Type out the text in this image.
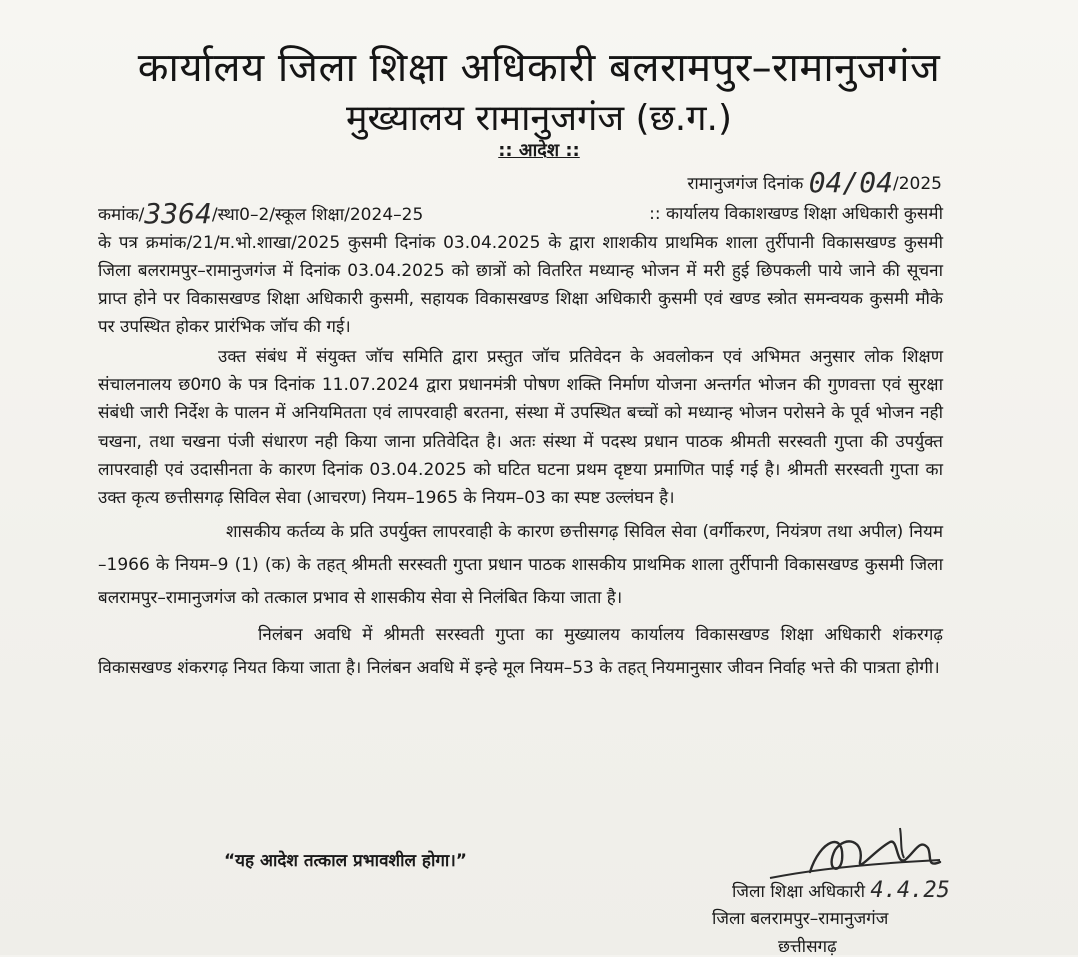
कार्यालय जिला शिक्षा अधिकारी बलरामपुर–रामानुजगंज
मुख्यालय रामानुजगंज (छ.ग.)
:: आदेश ::
रामानुजगंज दिनांक 04/04/2025

कमांक/3364/स्था0–2/स्कूल शिक्षा/2024–25	:: कार्यालय विकाशखण्ड शिक्षा अधिकारी कुसमी
के पत्र क्रमांक/21/म.भो.शाखा/2025 कुसमी दिनांक 03.04.2025 के द्वारा शाशकीय प्राथमिक शाला तुर्रीपानी विकासखण्ड कुसमी जिला बलरामपुर–रामानुजगंज में दिनांक 03.04.2025 को छात्रों को वितरित मध्यान्ह भोजन में मरी हुई छिपकली पाये जाने की सूचना प्राप्त होने पर विकासखण्ड शिक्षा अधिकारी कुसमी, सहायक विकासखण्ड शिक्षा अधिकारी कुसमी एवं खण्ड स्त्रोत समन्वयक कुसमी मौके पर उपस्थित होकर प्रारंभिक जॉच की गई।

उक्त संबंध में संयुक्त जॉच समिति द्वारा प्रस्तुत जॉच प्रतिवेदन के अवलोकन एवं अभिमत अनुसार लोक शिक्षण संचालनालय छ0ग0 के पत्र दिनांक 11.07.2024 द्वारा प्रधानमंत्री पोषण शक्ति निर्माण योजना अन्तर्गत भोजन की गुणवत्ता एवं सुरक्षा संबंधी जारी निर्देश के पालन में अनियमितता एवं लापरवाही बरतना, संस्था में उपस्थित बच्चों को मध्यान्ह भोजन परोसने के पूर्व भोजन नही चखना, तथा चखना पंजी संधारण नही किया जाना प्रतिवेदित है। अतः संस्था में पदस्थ प्रधान पाठक श्रीमती सरस्वती गुप्ता की उपर्युक्त लापरवाही एवं उदासीनता के कारण दिनांक 03.04.2025 को घटित घटना प्रथम दृष्टया प्रमाणित पाई गई है। श्रीमती सरस्वती गुप्ता का उक्त कृत्य छत्तीसगढ़ सिविल सेवा (आचरण) नियम–1965 के नियम–03 का स्पष्ट उल्लंघन है।

शासकीय कर्तव्य के प्रति उपर्युक्त लापरवाही के कारण छत्तीसगढ़ सिविल सेवा (वर्गीकरण, नियंत्रण तथा अपील) नियम –1966 के नियम–9 (1) (क) के तहत् श्रीमती सरस्वती गुप्ता प्रधान पाठक शासकीय प्राथमिक शाला तुर्रीपानी विकासखण्ड कुसमी जिला बलरामपुर–रामानुजगंज को तत्काल प्रभाव से शासकीय सेवा से निलंबित किया जाता है।

निलंबन अवधि में श्रीमती सरस्वती गुप्ता का मुख्यालय कार्यालय विकासखण्ड शिक्षा अधिकारी शंकरगढ़ विकासखण्ड शंकरगढ़ नियत किया जाता है। निलंबन अवधि में इन्हे मूल नियम–53 के तहत् नियमानुसार जीवन निर्वाह भत्ते की पात्रता होगी।

“यह आदेश तत्काल प्रभावशील होगा।”
जिला शिक्षा अधिकारी 4.4.25
जिला बलरामपुर–रामानुजगंज
छत्तीसगढ़
